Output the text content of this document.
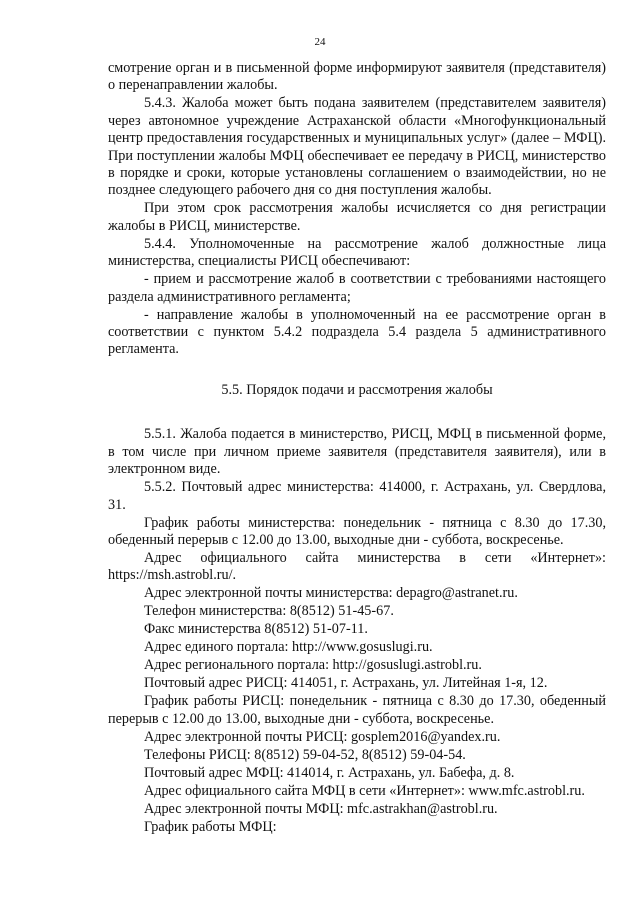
24

смотрение орган и в письменной форме информируют заявителя (представителя) о перенаправлении жалобы.

5.4.3. Жалоба может быть подана заявителем (представителем заявителя) через автономное учреждение Астраханской области «Многофункциональный центр предоставления государственных и муниципальных услуг» (далее – МФЦ). При поступлении жалобы МФЦ обеспечивает ее передачу в РИСЦ, министерство в порядке и сроки, которые установлены соглашением о взаимодействии, но не позднее следующего рабочего дня со дня поступления жалобы.

При этом срок рассмотрения жалобы исчисляется со дня регистрации жалобы в РИСЦ, министерстве.

5.4.4. Уполномоченные на рассмотрение жалоб должностные лица министерства, специалисты РИСЦ обеспечивают:

- прием и рассмотрение жалоб в соответствии с требованиями настоящего раздела административного регламента;

- направление жалобы в уполномоченный на ее рассмотрение орган в соответствии с пунктом 5.4.2 подраздела 5.4 раздела 5 административного регламента.

5.5. Порядок подачи и рассмотрения жалобы

5.5.1. Жалоба подается в министерство, РИСЦ, МФЦ в письменной форме, в том числе при личном приеме заявителя (представителя заявителя), или в электронном виде.

5.5.2. Почтовый адрес министерства: 414000, г. Астрахань, ул. Свердлова, 31.

График работы министерства: понедельник - пятница с 8.30 до 17.30, обеденный перерыв с 12.00 до 13.00, выходные дни - суббота, воскресенье.

Адрес официального сайта министерства в сети «Интернет»: https://msh.astrobl.ru/.

Адрес электронной почты министерства: depagro@astranet.ru.

Телефон министерства: 8(8512) 51-45-67.

Факс министерства 8(8512) 51-07-11.

Адрес единого портала: http://www.gosuslugi.ru.

Адрес регионального портала: http://gosuslugi.astrobl.ru.

Почтовый адрес РИСЦ: 414051, г. Астрахань, ул. Литейная 1-я, 12.

График работы РИСЦ: понедельник - пятница с 8.30 до 17.30, обеденный перерыв с 12.00 до 13.00, выходные дни - суббота, воскресенье.

Адрес электронной почты РИСЦ: gosplem2016@yandex.ru.

Телефоны РИСЦ: 8(8512) 59-04-52, 8(8512) 59-04-54.

Почтовый адрес МФЦ: 414014, г. Астрахань, ул. Бабефа, д. 8.

Адрес официального сайта МФЦ в сети «Интернет»: www.mfc.astrobl.ru.

Адрес электронной почты МФЦ: mfc.astrakhan@astrobl.ru.

График работы МФЦ:
